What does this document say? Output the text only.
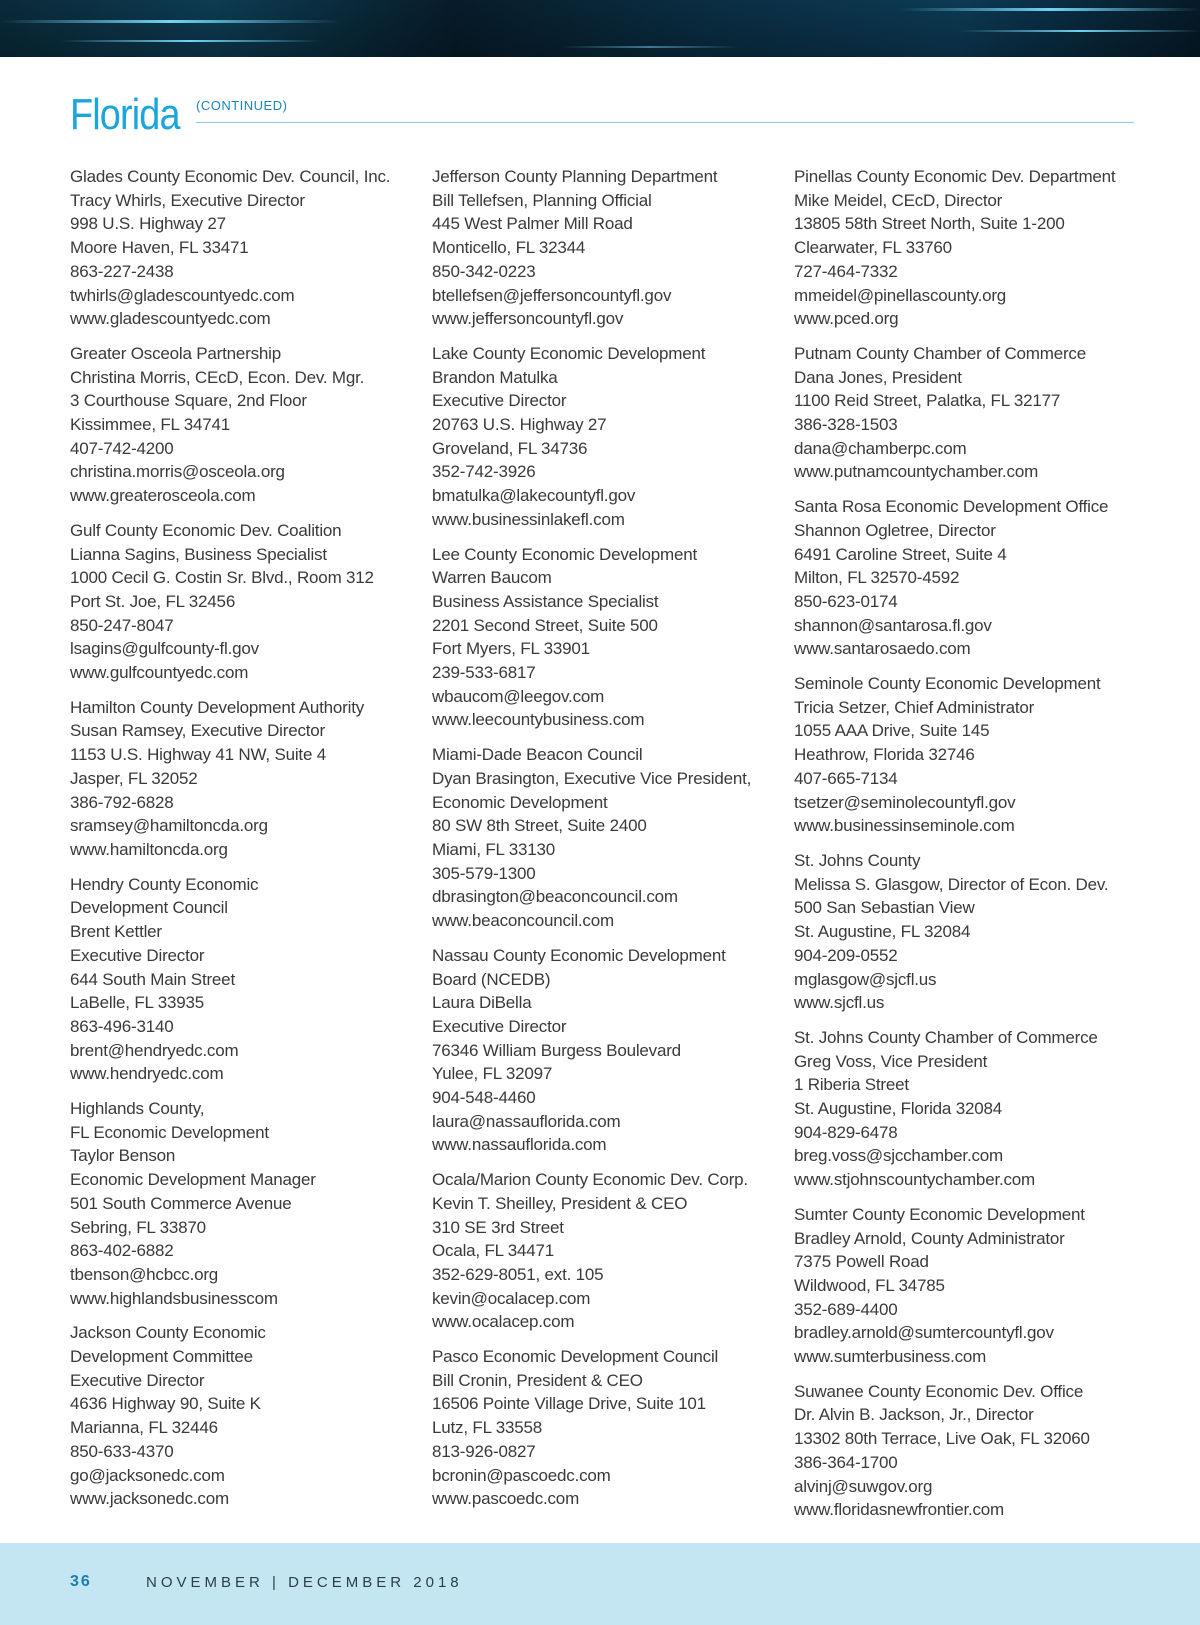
Florida (CONTINUED)
Glades County Economic Dev. Council, Inc.
Tracy Whirls, Executive Director
998 U.S. Highway 27
Moore Haven, FL 33471
863-227-2438
twhirls@gladescountyedc.com
www.gladescountyedc.com
Greater Osceola Partnership
Christina Morris, CEcD, Econ. Dev. Mgr.
3 Courthouse Square, 2nd Floor
Kissimmee, FL 34741
407-742-4200
christina.morris@osceola.org
www.greaterosceola.com
Gulf County Economic Dev. Coalition
Lianna Sagins, Business Specialist
1000 Cecil G. Costin Sr. Blvd., Room 312
Port St. Joe, FL 32456
850-247-8047
lsagins@gulfcounty-fl.gov
www.gulfcountyedc.com
Hamilton County Development Authority
Susan Ramsey, Executive Director
1153 U.S. Highway 41 NW, Suite 4
Jasper, FL 32052
386-792-6828
sramsey@hamiltoncda.org
www.hamiltoncda.org
Hendry County Economic
Development Council
Brent Kettler
Executive Director
644 South Main Street
LaBelle, FL 33935
863-496-3140
brent@hendryedc.com
www.hendryedc.com
Highlands County,
FL Economic Development
Taylor Benson
Economic Development Manager
501 South Commerce Avenue
Sebring, FL 33870
863-402-6882
tbenson@hcbcc.org
www.highlandsbusinesscom
Jackson County Economic
Development Committee
Executive Director
4636 Highway 90, Suite K
Marianna, FL 32446
850-633-4370
go@jacksonedc.com
www.jacksonedc.com
Jefferson County Planning Department
Bill Tellefsen, Planning Official
445 West Palmer Mill Road
Monticello, FL 32344
850-342-0223
btellefsen@jeffersoncountyfl.gov
www.jeffersoncountyfl.gov
Lake County Economic Development
Brandon Matulka
Executive Director
20763 U.S. Highway 27
Groveland, FL 34736
352-742-3926
bmatulka@lakecountyfl.gov
www.businessinlakefl.com
Lee County Economic Development
Warren Baucom
Business Assistance Specialist
2201 Second Street, Suite 500
Fort Myers, FL 33901
239-533-6817
wbaucom@leegov.com
www.leecountybusiness.com
Miami-Dade Beacon Council
Dyan Brasington, Executive Vice President,
Economic Development
80 SW 8th Street, Suite 2400
Miami, FL 33130
305-579-1300
dbrasington@beaconcouncil.com
www.beaconcouncil.com
Nassau County Economic Development
Board (NCEDB)
Laura DiBella
Executive Director
76346 William Burgess Boulevard
Yulee, FL 32097
904-548-4460
laura@nassauflorida.com
www.nassauflorida.com
Ocala/Marion County Economic Dev. Corp.
Kevin T. Sheilley, President & CEO
310 SE 3rd Street
Ocala, FL 34471
352-629-8051, ext. 105
kevin@ocalacep.com
www.ocalacep.com
Pasco Economic Development Council
Bill Cronin, President & CEO
16506 Pointe Village Drive, Suite 101
Lutz, FL 33558
813-926-0827
bcronin@pascoedc.com
www.pascoedc.com
Pinellas County Economic Dev. Department
Mike Meidel, CEcD, Director
13805 58th Street North, Suite 1-200
Clearwater, FL 33760
727-464-7332
mmeidel@pinellascounty.org
www.pced.org
Putnam County Chamber of Commerce
Dana Jones, President
1100 Reid Street, Palatka, FL 32177
386-328-1503
dana@chamberpc.com
www.putnamcountychamber.com
Santa Rosa Economic Development Office
Shannon Ogletree, Director
6491 Caroline Street, Suite 4
Milton, FL 32570-4592
850-623-0174
shannon@santarosa.fl.gov
www.santarosaedo.com
Seminole County Economic Development
Tricia Setzer, Chief Administrator
1055 AAA Drive, Suite 145
Heathrow, Florida 32746
407-665-7134
tsetzer@seminolecountyfl.gov
www.businessinseminole.com
St. Johns County
Melissa S. Glasgow, Director of Econ. Dev.
500 San Sebastian View
St. Augustine, FL 32084
904-209-0552
mglasgow@sjcfl.us
www.sjcfl.us
St. Johns County Chamber of Commerce
Greg Voss, Vice President
1 Riberia Street
St. Augustine, Florida 32084
904-829-6478
breg.voss@sjcchamber.com
www.stjohnscountychamber.com
Sumter County Economic Development
Bradley Arnold, County Administrator
7375 Powell Road
Wildwood, FL 34785
352-689-4400
bradley.arnold@sumtercountyfl.gov
www.sumterbusiness.com
Suwanee County Economic Dev. Office
Dr. Alvin B. Jackson, Jr., Director
13302 80th Terrace, Live Oak, FL 32060
386-364-1700
alvinj@suwgov.org
www.floridasnewfrontier.com
36	NOVEMBER | DECEMBER 2018
